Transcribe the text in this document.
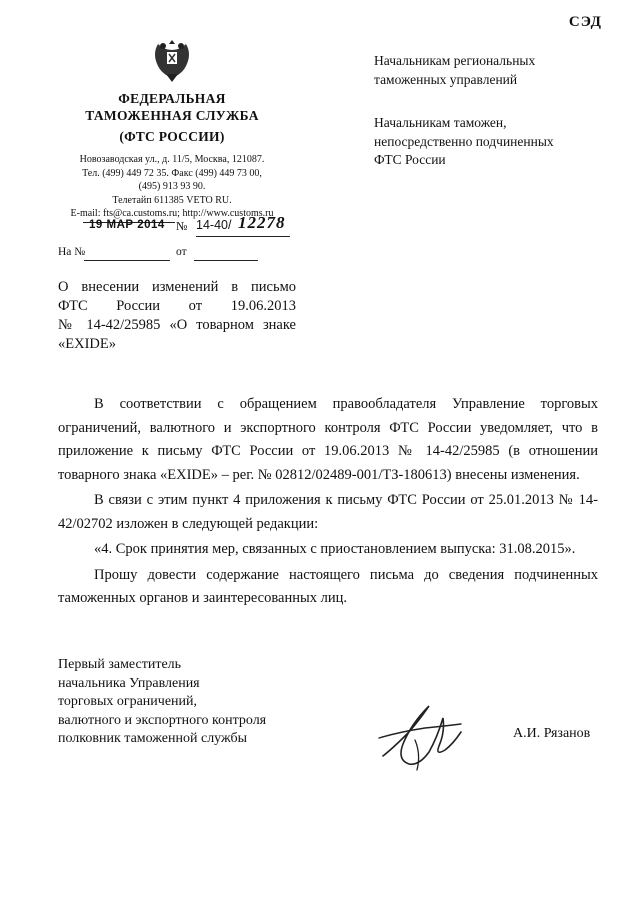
СЭД
ФЕДЕРАЛЬНАЯ
ТАМОЖЕННАЯ СЛУЖБА
(ФТС РОССИИ)
Новозаводская ул., д. 11/5, Москва, 121087.
Тел. (499) 449 72 35. Факс (499) 449 73 00,
(495) 913 93 90.
Телетайп 611385 VETO RU.
E-mail: fts@ca.customs.ru; http://www.customs.ru
19 МАР 2014 № 14-40/ 12278
На №	от
Начальникам региональных
таможенных управлений
Начальникам таможен,
непосредственно подчиненных
ФТС России
О внесении изменений в письмо
ФТС России от 19.06.2013
№ 14-42/25985 «О товарном знаке
«EXIDE»

В соответствии с обращением правообладателя Управление торговых ограничений, валютного и экспортного контроля ФТС России уведомляет, что в приложение к письму ФТС России от 19.06.2013 № 14-42/25985 (в отношении товарного знака «EXIDE» – рег. № 02812/02489-001/ТЗ-180613) внесены изменения.

В связи с этим пункт 4 приложения к письму ФТС России от 25.01.2013 № 14-42/02702 изложен в следующей редакции:

«4. Срок принятия мер, связанных с приостановлением выпуска: 31.08.2015».

Прошу довести содержание настоящего письма до сведения подчиненных таможенных органов и заинтересованных лиц.

Первый заместитель
начальника Управления
торговых ограничений,
валютного и экспортного контроля
полковник таможенной службы	А.И. Рязанов
